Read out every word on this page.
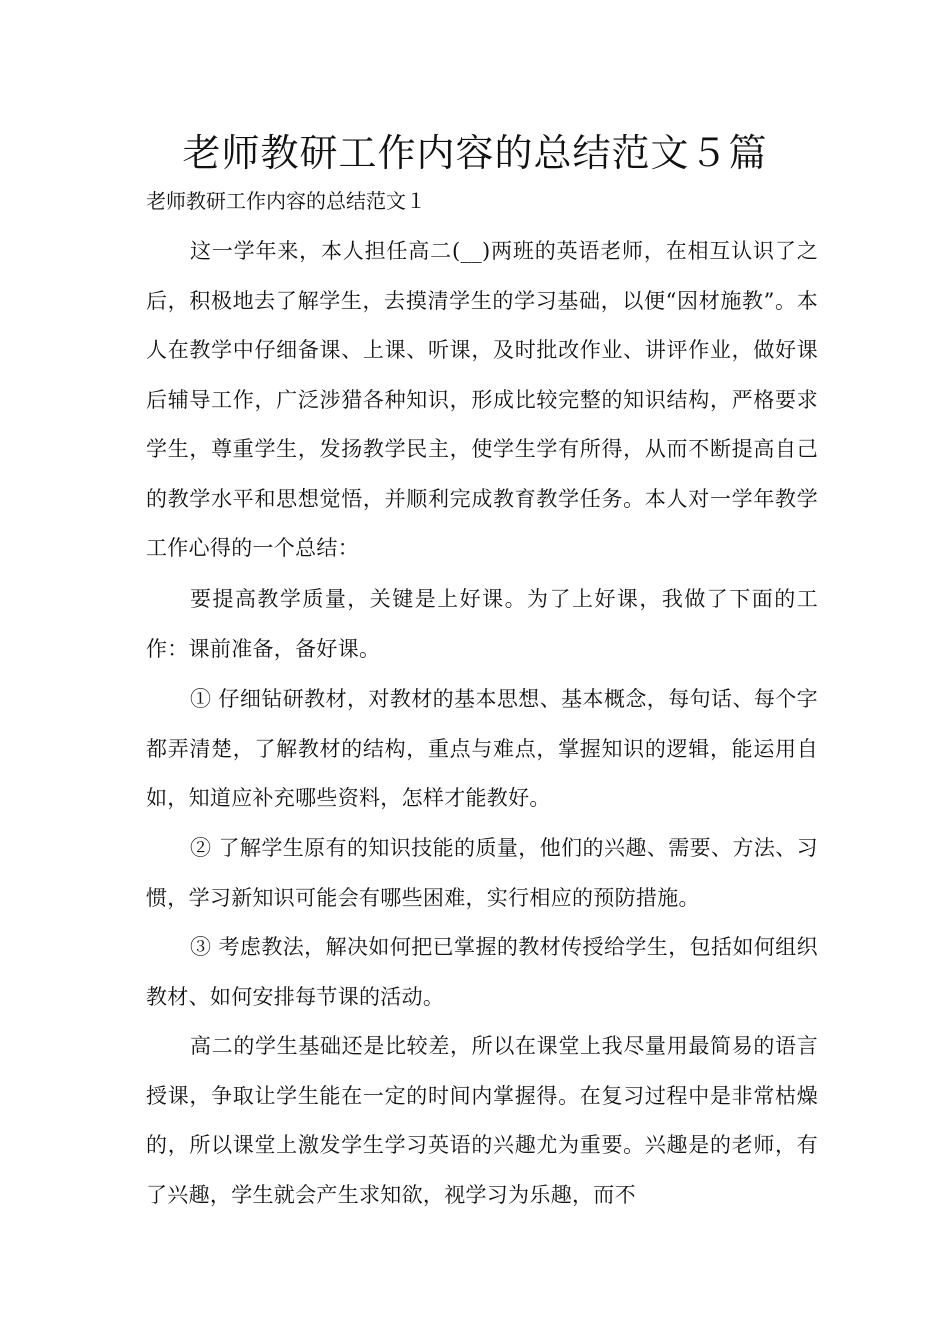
老师教研工作内容的总结范文５篇
老师教研工作内容的总结范文１

这一学年来，本人担任高二(__)两班的英语老师，在相互认识了之后，积极地去了解学生，去摸清学生的学习基础，以便“因材施教”。本人在教学中仔细备课、上课、听课，及时批改作业、讲评作业，做好课后辅导工作，广泛涉猎各种知识，形成比较完整的知识结构，严格要求学生，尊重学生，发扬教学民主，使学生学有所得，从而不断提高自己的教学水平和思想觉悟，并顺利完成教育教学任务。本人对一学年教学工作心得的一个总结：

要提高教学质量，关键是上好课。为了上好课，我做了下面的工作：课前准备，备好课。

① 仔细钻研教材，对教材的基本思想、基本概念，每句话、每个字都弄清楚，了解教材的结构，重点与难点，掌握知识的逻辑，能运用自如，知道应补充哪些资料，怎样才能教好。

② 了解学生原有的知识技能的质量，他们的兴趣、需要、方法、习惯，学习新知识可能会有哪些困难，实行相应的预防措施。

③ 考虑教法，解决如何把已掌握的教材传授给学生，包括如何组织教材、如何安排每节课的活动。

高二的学生基础还是比较差，所以在课堂上我尽量用最简易的语言授课，争取让学生能在一定的时间内掌握得。在复习过程中是非常枯燥的，所以课堂上激发学生学习英语的兴趣尤为重要。兴趣是的老师，有了兴趣，学生就会产生求知欲，视学习为乐趣，而不
